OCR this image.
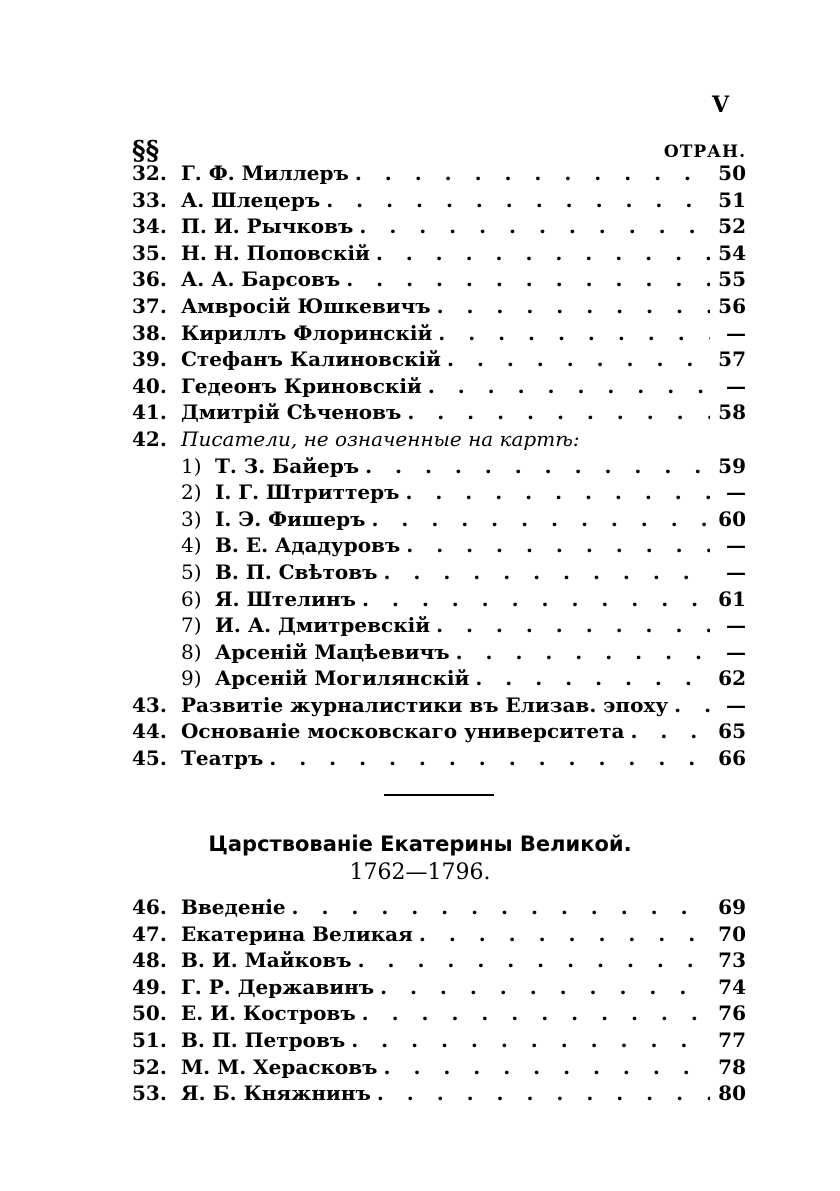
V
§§	ОТРАН.
32. Г. Ф. Миллеръ . . .	50
33. А. Шлецеръ . . .	51
34. П. И. Рычковъ . . .	52
35. Н. Н. Поповскій . . .	54
36. А. А. Барсовъ . . .	55
37. Амвросій Юшкевичъ . . .	56
38. Кириллъ Флоринскій . . .	—
39. Стефанъ Калиновскій . . .	57
40. Гедеонъ Криновскій . . .	—
41. Дмитрій Сѣченовъ . . .	58
42. Писатели, не означенные на картѣ:
1) Т. З. Байеръ . . .	59
2) І. Г. Штриттеръ . . .	—
3) І. Э. Фишеръ . . .	60
4) В. Е. Ададуровъ . . .	—
5) В. П. Свѣтовъ . . .	—
6) Я. Штелинъ . . .	61
7) И. А. Дмитревскій . . .	—
8) Арсеній Мацѣевичъ . . .	—
9) Арсеній Могилянскій . . .	62
43. Развитіе журналистики въ Елизав. эпоху . . .	—
44. Основаніе московскаго университета . . .	65
45. Театръ . . .	66
Царствованіе Екатерины Великой.
1762—1796.
46. Введеніе . . .	69
47. Екатерина Великая . . .	70
48. В. И. Майковъ . . .	73
49. Г. Р. Державинъ . . .	74
50. Е. И. Костровъ . . .	76
51. В. П. Петровъ . . .	77
52. М. М. Херасковъ . . .	78
53. Я. Б. Княжнинъ . . .	80
